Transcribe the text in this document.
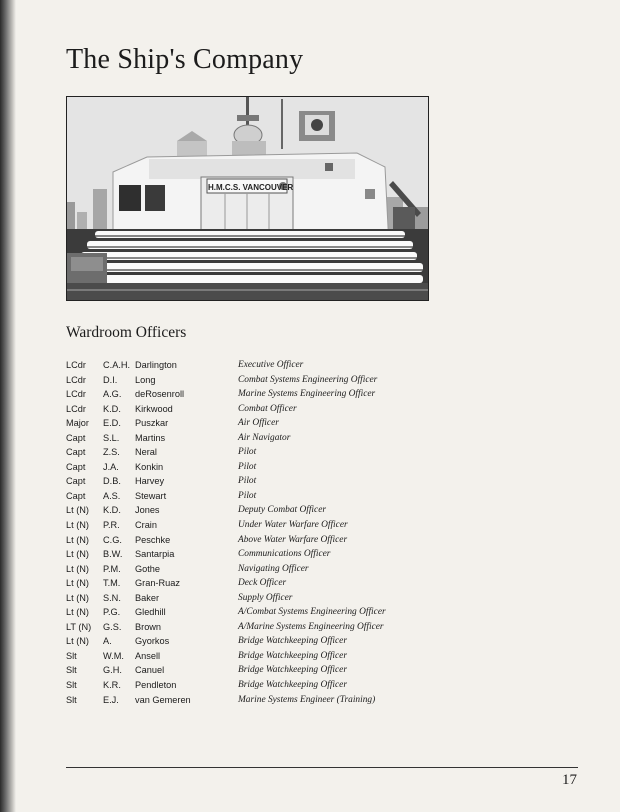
The Ship's Company
H.M.C.S. VANCOUVER
Wardroom Officers
LCdr C.A.H. Darlington	Executive Officer
LCdr D.I. Long	Combat Systems Engineering Officer
LCdr A.G. deRosenroll	Marine Systems Engineering Officer
LCdr K.D. Kirkwood	Combat Officer
Major E.D. Puszkar	Air Officer
Capt S.L. Martins	Air Navigator
Capt Z.S. Neral	Pilot
Capt J.A. Konkin	Pilot
Capt D.B. Harvey	Pilot
Capt A.S. Stewart	Pilot
Lt (N) K.D. Jones	Deputy Combat Officer
Lt (N) P.R. Crain	Under Water Warfare Officer
Lt (N) C.G. Peschke	Above Water Warfare Officer
Lt (N) B.W. Santarpia	Communications Officer
Lt (N) P.M. Gothe	Navigating Officer
Lt (N) T.M. Gran-Ruaz	Deck Officer
Lt (N) S.N. Baker	Supply Officer
Lt (N) P.G. Gledhill	A/Combat Systems Engineering Officer
LT (N) G.S. Brown	A/Marine Systems Engineering Officer
Lt (N) A.	Gyorkos	Bridge Watchkeeping Officer
Slt	W.M. Ansell	Bridge Watchkeeping Officer
Slt	G.H. Canuel	Bridge Watchkeeping Officer
Slt	K.R. Pendleton	Bridge Watchkeeping Officer
Slt	E.J. van Gemeren	Marine Systems Engineer (Training)
17
